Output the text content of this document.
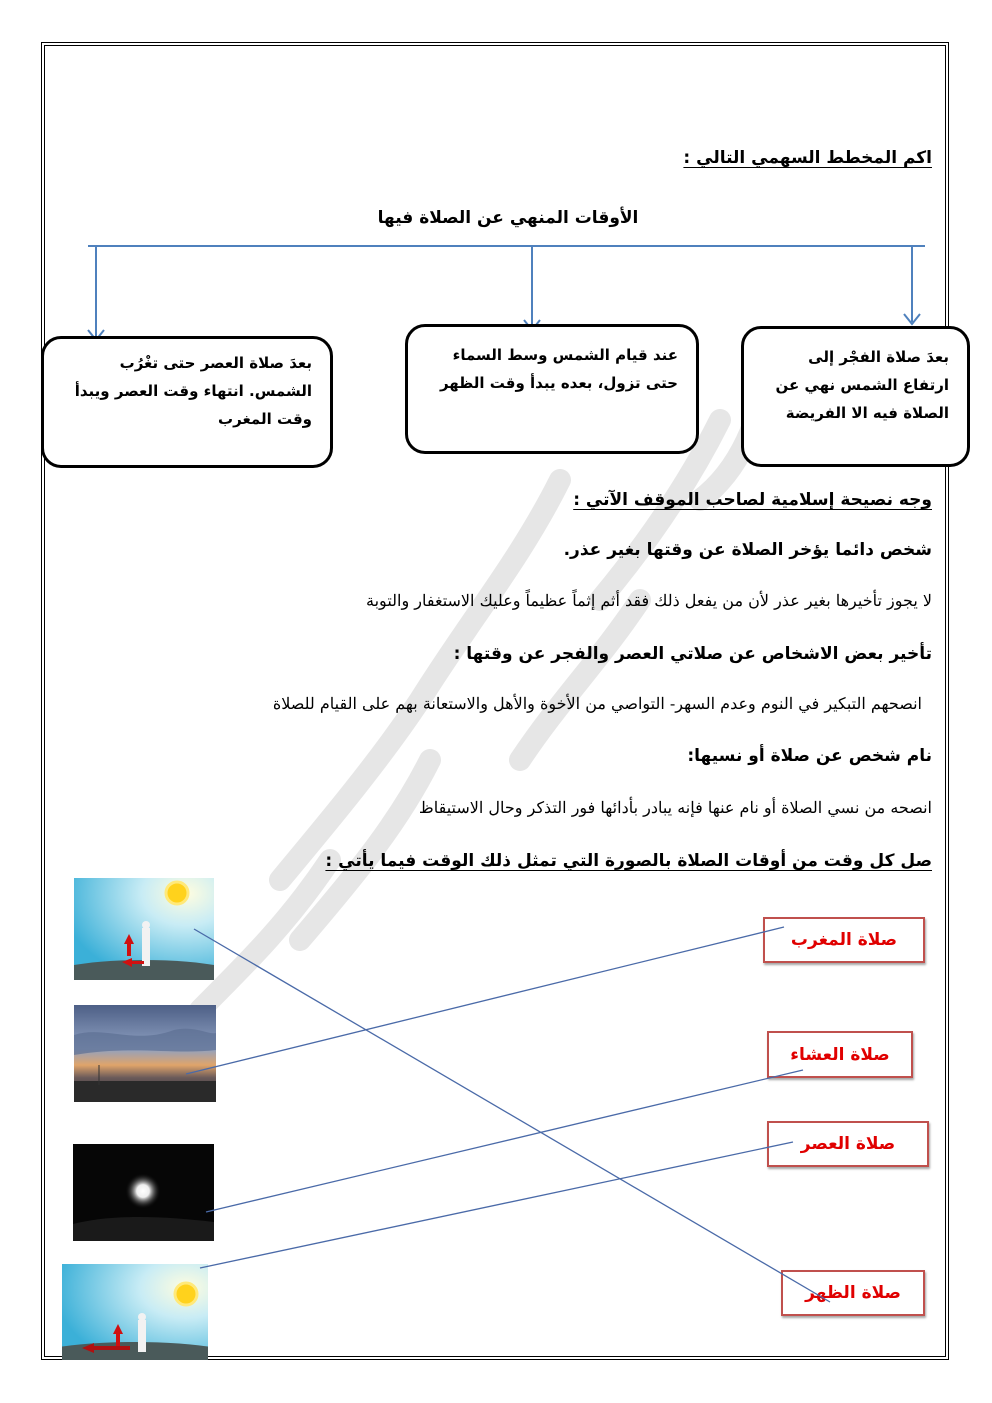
اكم المخطط السهمي التالي :
الأوقات المنهي عن الصلاة فيها
بعدَ صلاة الفجْر إلى
ارتفاع الشمس نهي عن
الصلاة فيه الا الفريضة
عند قيام الشمس وسط السماء
حتى تزول، بعده يبدأ وقت الظهر
بعدَ صلاة العصر حتى تغْرُب
الشمس. انتهاء وقت العصر ويبدأ
وقت المغرب
وجه نصيحة إسلامية لصاحب الموقف الآتي :
شخص دائما يؤخر الصلاة عن وقتها بغير عذر.
لا يجوز تأخيرها بغير عذر لأن من يفعل ذلك فقد أثم إثماً عظيماً وعليك الاستغفار والتوبة
تأخير بعض الاشخاص عن صلاتي العصر والفجر عن وقتها :
انصحهم التبكير في النوم وعدم السهر- التواصي من الأخوة والأهل والاستعانة بهم على القيام للصلاة
نام شخص عن صلاة أو نسيها:
انصحه من نسي الصلاة أو نام عنها فإنه يبادر بأدائها فور التذكر وحال الاستيقاظ
صل كل وقت من أوقات الصلاة بالصورة التي تمثل ذلك الوقت فيما يأتي :
صلاة المغرب
صلاة العشاء
صلاة العصر
صلاة الظهر
